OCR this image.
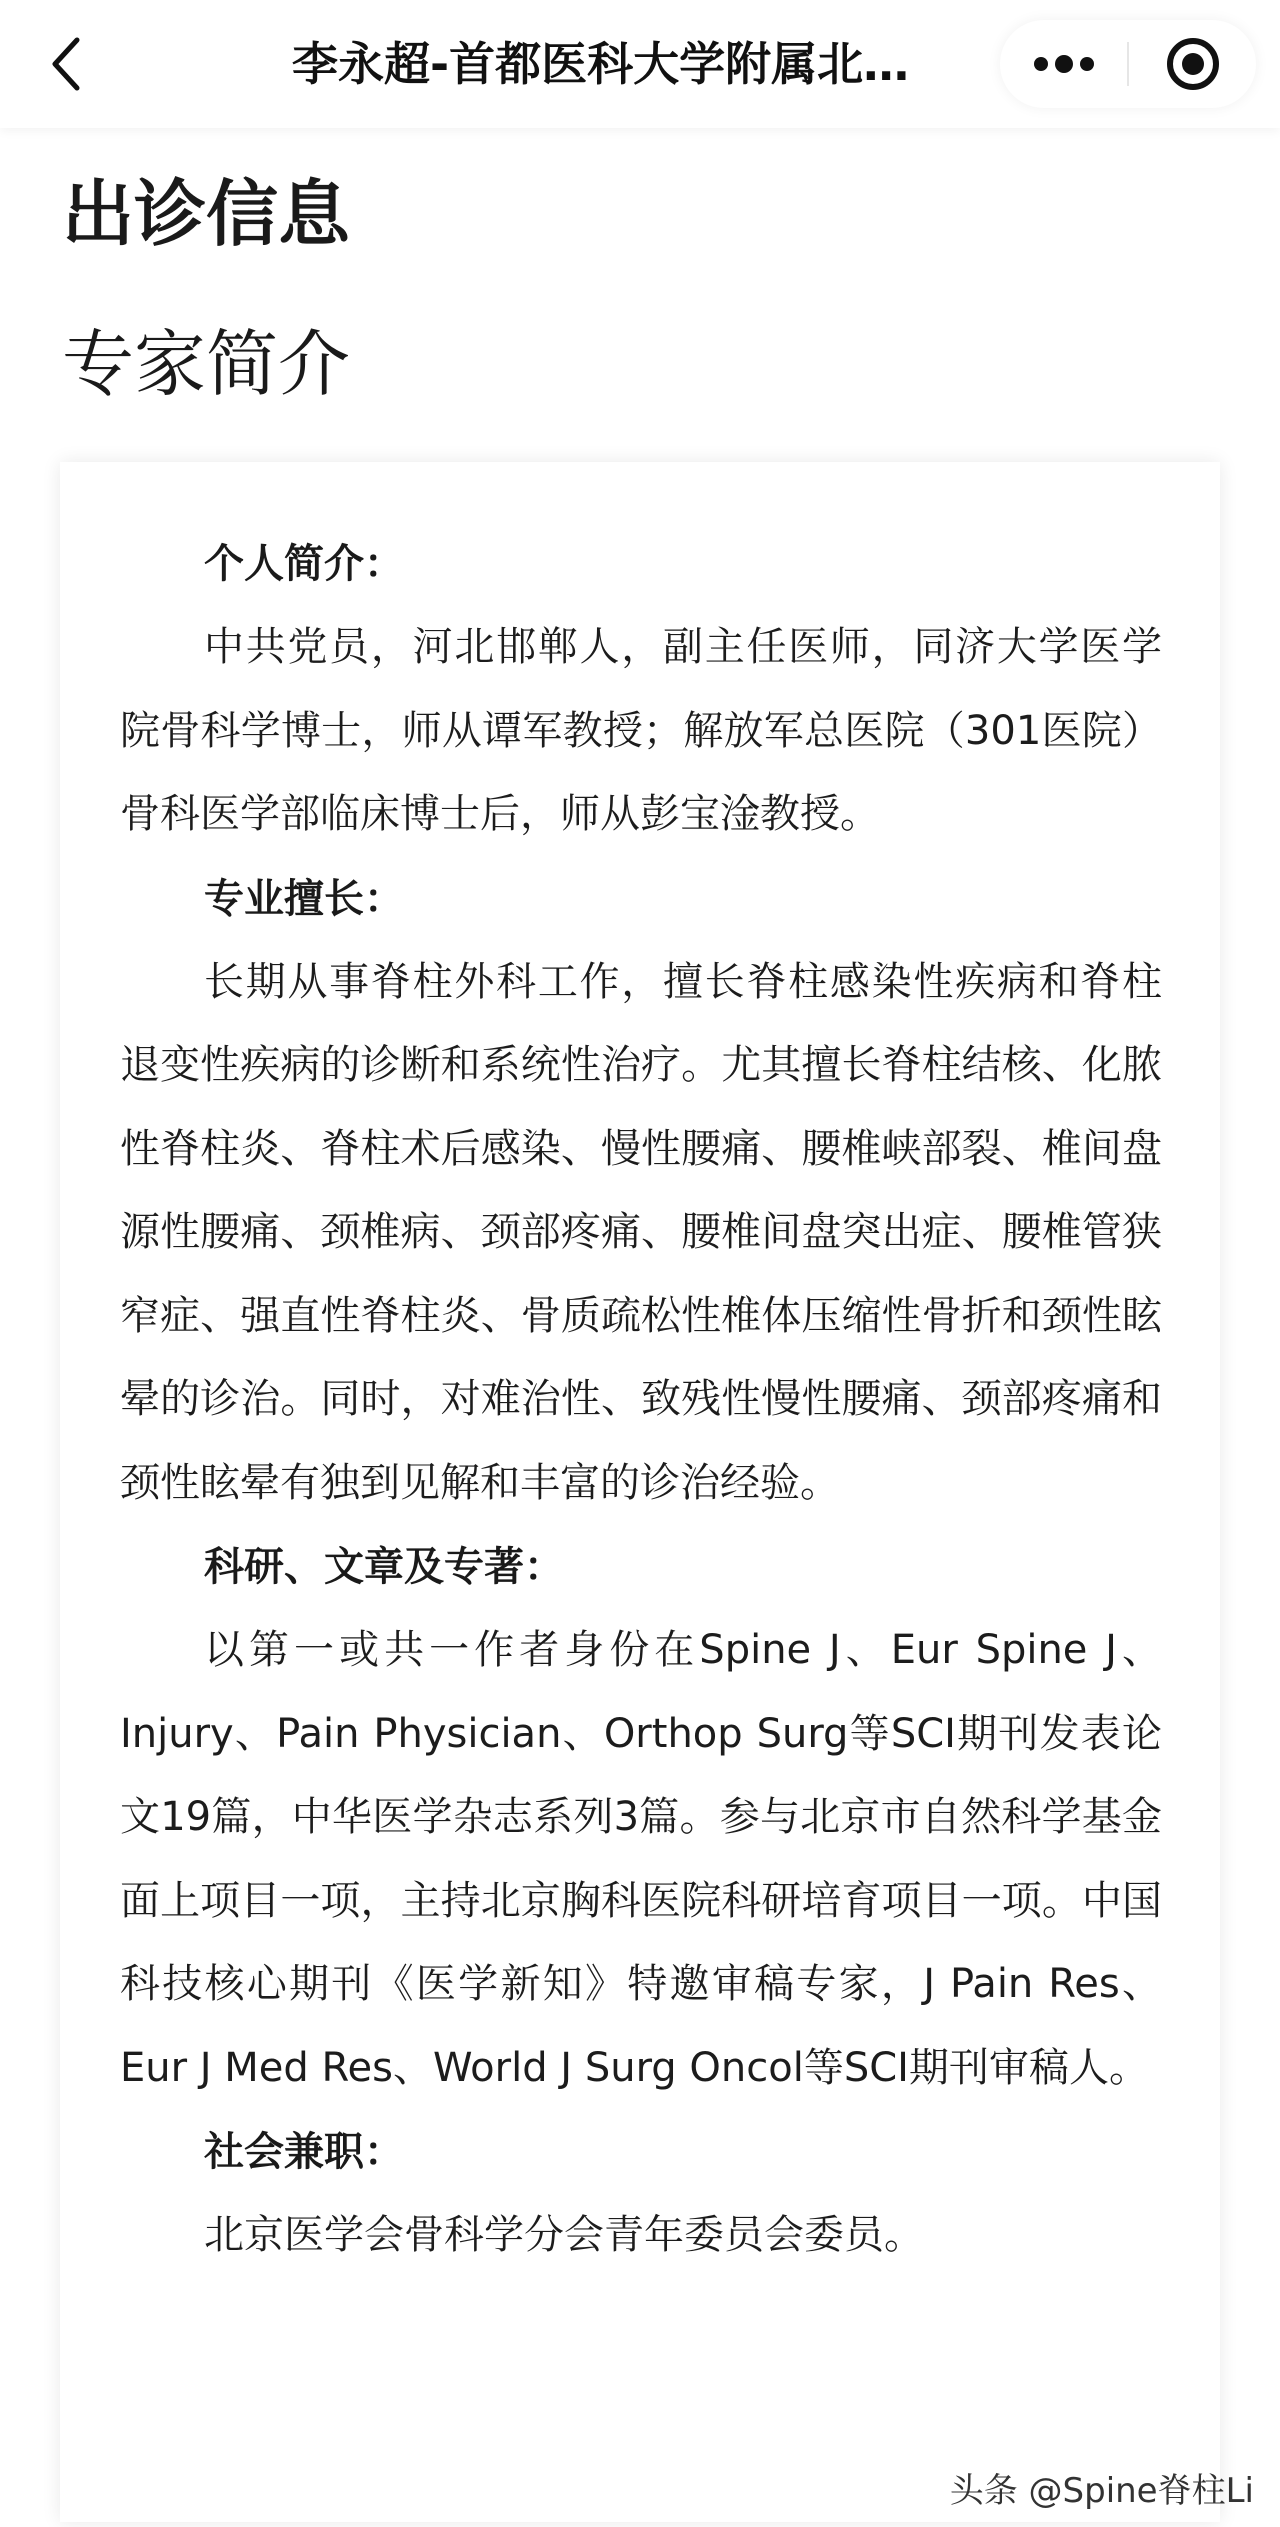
李永超-首都医科大学附属北…
出诊信息
专家简介

个人简介：

中共党员，河北邯郸人，副主任医师，同济大学医学院骨科学博士，师从谭军教授；解放军总医院（301医院）骨科医学部临床博士后，师从彭宝淦教授。

专业擅长：

长期从事脊柱外科工作，擅长脊柱感染性疾病和脊柱退变性疾病的诊断和系统性治疗。尤其擅长脊柱结核、化脓性脊柱炎、脊柱术后感染、慢性腰痛、腰椎峡部裂、椎间盘源性腰痛、颈椎病、颈部疼痛、腰椎间盘突出症、腰椎管狭窄症、强直性脊柱炎、骨质疏松性椎体压缩性骨折和颈性眩晕的诊治。同时，对难治性、致残性慢性腰痛、颈部疼痛和颈性眩晕有独到见解和丰富的诊治经验。

科研、文章及专著：

以第一或共一作者身份在Spine J、Eur Spine J、Injury、Pain Physician、Orthop Surg等SCI期刊发表论文19篇，中华医学杂志系列3篇。参与北京市自然科学基金面上项目一项，主持北京胸科医院科研培育项目一项。中国科技核心期刊《医学新知》特邀审稿专家，J Pain Res、Eur J Med Res、World J Surg Oncol等SCI期刊审稿人。

社会兼职：

北京医学会骨科学分会青年委员会委员。

头条 @Spine脊柱Li
